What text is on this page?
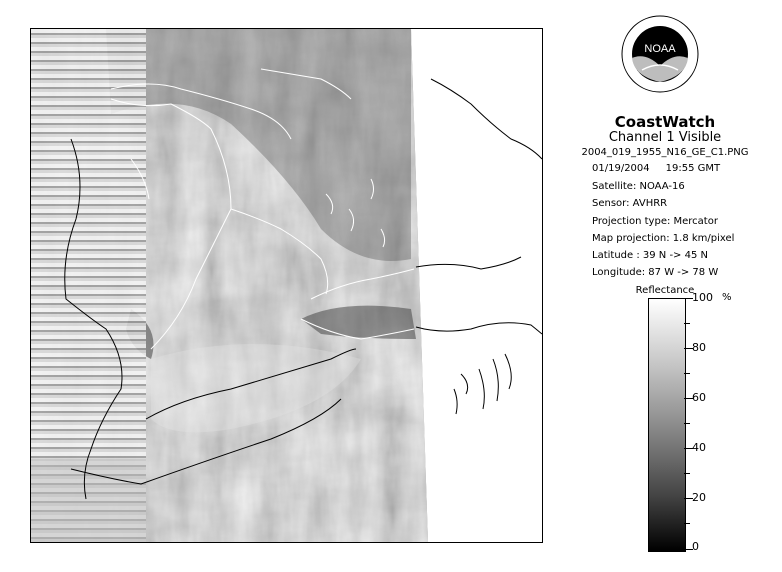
NOAA
CoastWatch
Channel 1 Visible
2004_019_1955_N16_GE_C1.PNG
01/19/2004 19:55 GMT
Satellite: NOAA-16
Sensor: AVHRR
Projection type: Mercator
Map projection: 1.8 km/pixel
Latitude : 39 N -> 45 N
Longitude: 87 W -> 78 W
Reflectance
%
100
80
60
40
20
0
